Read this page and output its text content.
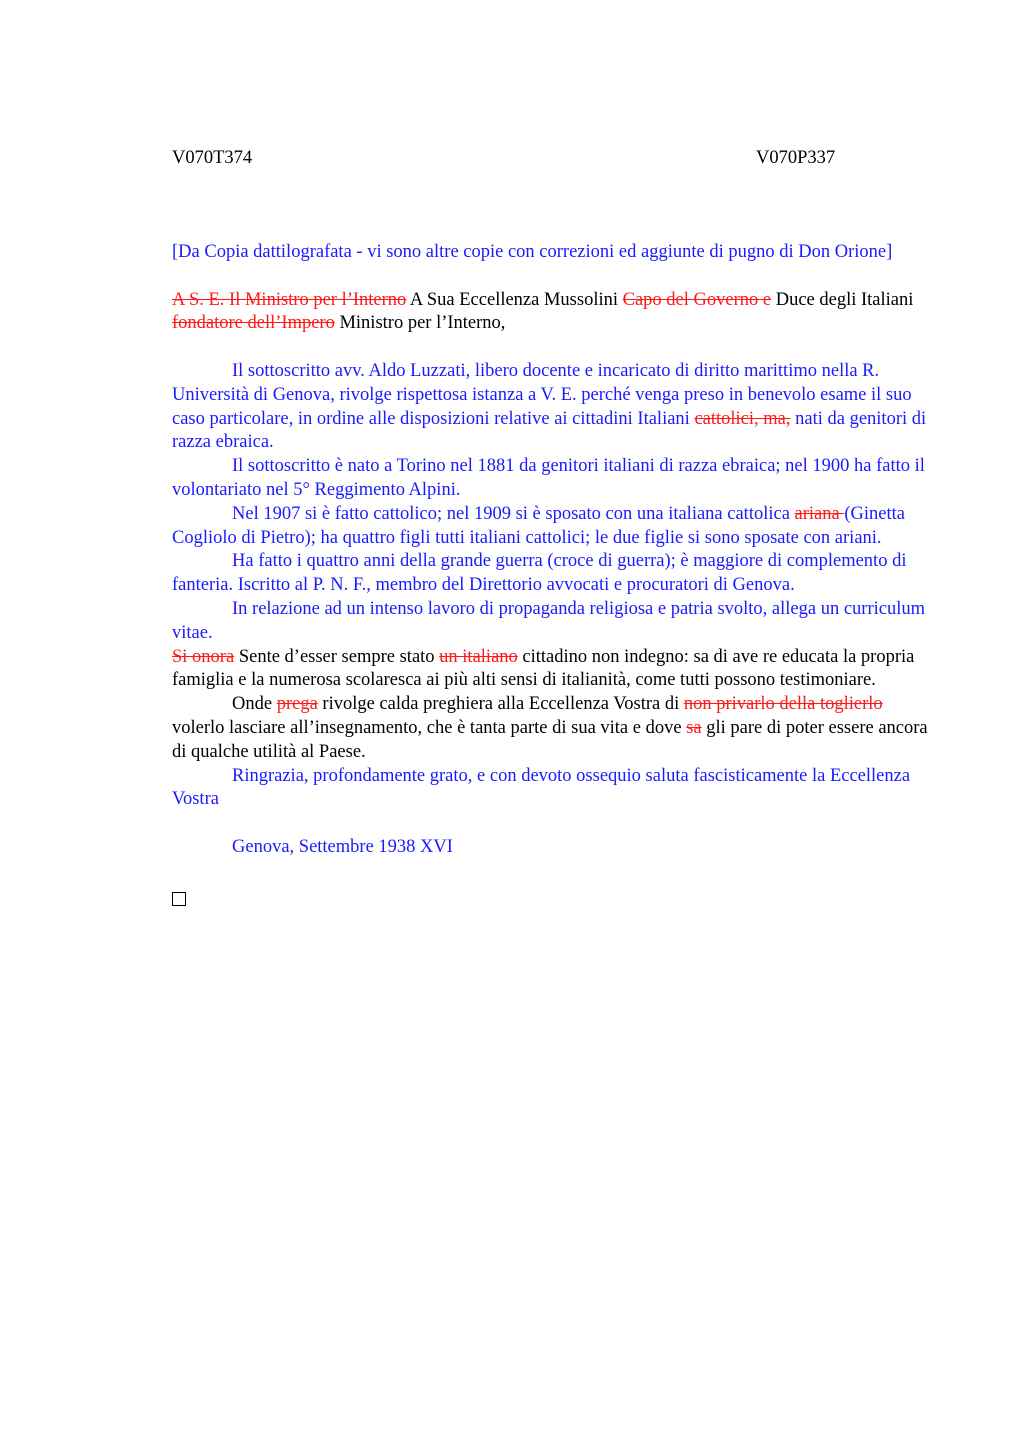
V070T374	V070P337

[Da Copia dattilografata - vi sono altre copie con correzioni ed aggiunte di pugno di Don Orione]

A S. E. Il Ministro per l’Interno A Sua Eccellenza Mussolini Capo del Governo e Duce degli Italiani fondatore dell’Impero Ministro per l’Interno,

Il sottoscritto avv. Aldo Luzzati, libero docente e incaricato di diritto marittimo nella R. Università di Genova, rivolge rispettosa istanza a V. E. perché venga preso in benevolo esame il suo caso particolare, in ordine alle disposizioni relative ai cittadini Italiani cattolici, ma, nati da genitori di razza ebraica.

Il sottoscritto è nato a Torino nel 1881 da genitori italiani di razza ebraica; nel 1900 ha fatto il volontariato nel 5° Reggimento Alpini.

Nel 1907 si è fatto cattolico; nel 1909 si è sposato con una italiana cattolica ariana (Ginetta Cogliolo di Pietro); ha quattro figli tutti italiani cattolici; le due figlie si sono sposate con ariani.

Ha fatto i quattro anni della grande guerra (croce di guerra); è maggiore di complemento di fanteria. Iscritto al P. N. F., membro del Direttorio avvocati e procuratori di Genova.

In relazione ad un intenso lavoro di propaganda religiosa e patria svolto, allega un curriculum vitae.

Si onora Sente d’esser sempre stato un italiano cittadino non indegno: sa di ave re educata la propria famiglia e la numerosa scolaresca ai più alti sensi di italianità, come tutti possono testimoniare.

Onde prega rivolge calda preghiera alla Eccellenza Vostra di non privarlo della toglierlo volerlo lasciare all’insegnamento, che è tanta parte di sua vita e dove sa gli pare di poter essere ancora di qualche utilità al Paese.

Ringrazia, profondamente grato, e con devoto ossequio saluta fascisticamente la Eccellenza Vostra

Genova, Settembre 1938 XVI
